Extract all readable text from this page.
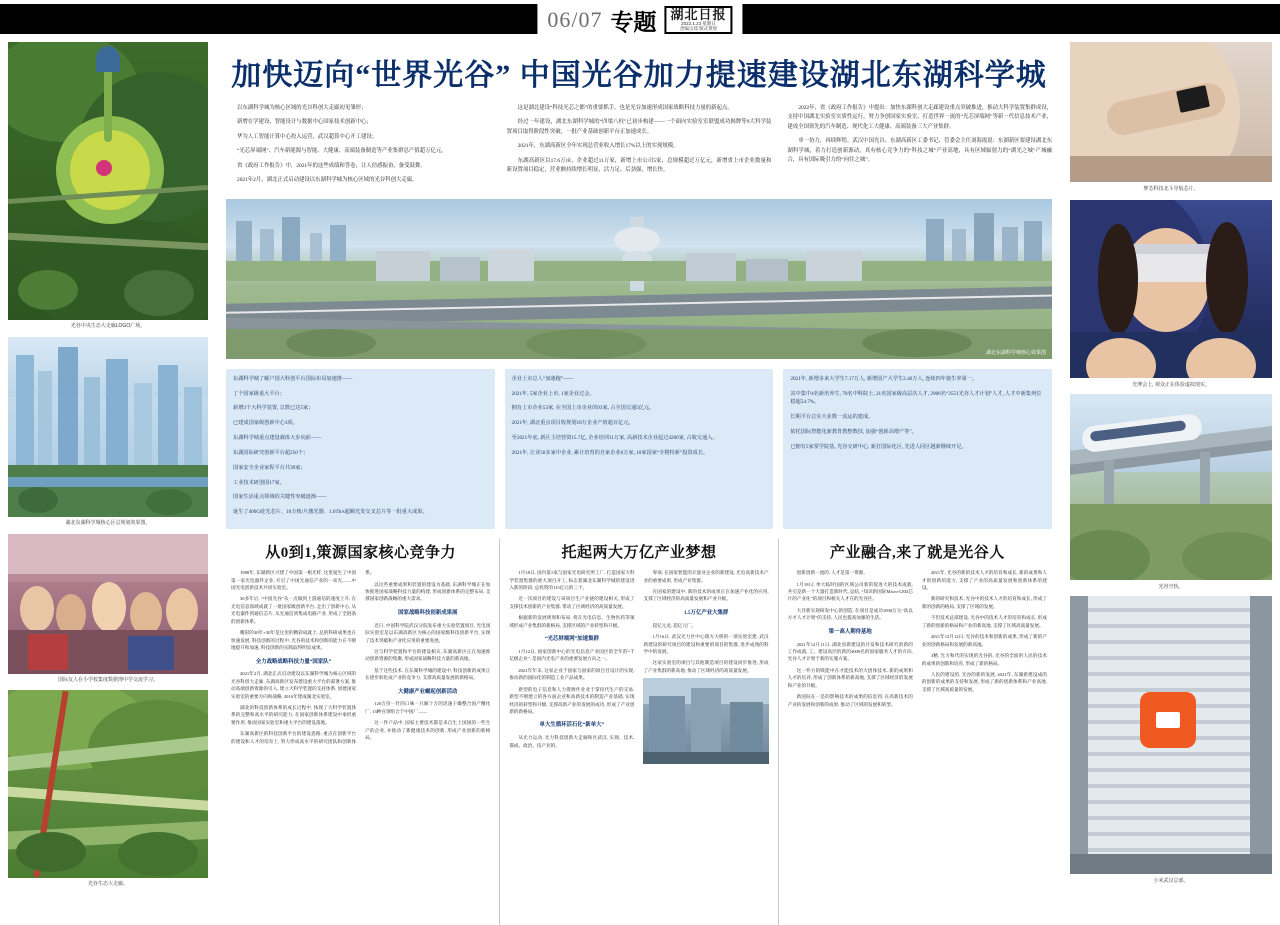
06/07 专题 湖北日报
2022.1.23 星期日
责编宗郑 版式黄瑶
光谷中央生态大走廊LOGO广场。
湖北东湖科学城核心区总规划效果图。
国际友人在小学校集度数据理中学交流学习。
光谷生态大走廊。
加快迈向“世界光谷” 中国光谷加力提速建设湖北东湖科学城

以东湖科学城为核心区域的光谷科创大走廊初见雏形；

新增在学建设、智能设计与数据中心国家技术创新中心；

华为人工智能计算中心投入运营，武汉超算中心开工建设；

“光芯屏端网”、汽车新能源与智能、大健康、高端装备制造等产业集群总产值超万亿元。

省《政府工作报告》中，2021年的这些成绩和答卷，让人倍感振奋、备受鼓舞。

2021年2月，湖北正式启动建设以东湖科学城为核心区域的光谷科创大走廊。

这是湖北建设“科技光芯之都”的重要抓手，也是光谷加速形成国家战略科技力量的新起点。

经过一年建设，湖北东湖科学城的“四梁八柱”已初步构建——一个面向实验室室联盟成功揭牌等9大科学装置项目取得阶段性突破，一批产业基础创新平台正加速成长。

2021年，东湖高新区全年实现总营业收入增长17%以上的实现规模。

东湖高新区以17.6万亩、企业超过11万家，新增上市公司5家，总规模超过万亿元，新增省上市企业数量和新设置项目稳定，营业额持续增长明显，活力足、后劲强，增长快。

2022年，省《政府工作报告》中提出：加快东湖科创大走廊建设重点突破推进，推动大科学装置集群成设，支持中国湖北实验室实质性运行，努力争创国家实验室，打造世界一流的“光芯屏端网”等新一代信息技术产业，建成全国领先的汽车制造、现代化工大健康、高端装备三大产业集群。

单一协力，再续辉煌。武汉中国光谷、东湖高新区工委书记、管委会主任刘海霞说：东湖新区要建设湖北东湖科学城，着力打造创新源动，真有核心竞争力的“科技之城”产业高地，具有区域辐射力的“湖光之城”产城融合，具有国际吸引力的“向往之城”。

湖北东湖科学城核心效果图

东湖科学城了解户国大科创平台国际布局加速推——

了个国家级重大平台；

新增3个大科学装置, 总数已达5家；

已建成国家级创新中心3项。

东湖科学城重点建设载体大步向前——

东湖国际研究创新平台超250个；

国家安全企业家程平台共39家；

工业技术研创国17家。

国家生活重点领域的关键性突破逐渐——

诞生了400G硅光芯片、10万核/片激光器、1.6Tb/s超额光发交叉芯片等一批重大成果。

企业上市总人“加速跑”——

2021年, 5家企业上市, 1家企业过会。

拥有上市企业53家, 在全国上市企业的93家, 占全国交通5亿元。

2021年, 湖北重点项目收规划18万企业产值超百亿元。

至2021年底, 新区主培营资15.7亿, 企业培训11万家, 高新技术企业起过4200家, 占收交通入。

2021年, 让业50多家中企业, 累计培育的自家企业6万家, 10家国家“专精特新”投资成长。

2021年, 新增多来大学生7.17万人, 新增国产大学生2.46万人, 连续四年接生率第一。

其中集中4名新培养生, 70名中科院士, 21名国家级高层次人才, 2906名“3551光谷人才计划”人才, 人才中新集列位稳超54.7%。

长期平台总实大业数一流运的建成。

依托国际智能化新教育教整数技, 加强“创新高增产等”。

已拥有5家要学院基, 光谷交研中心, 新打国际化区, 先进人同区越新继续开足。

从0到1,策源国家核心竞争力

1988年, 东湖新区兴建了中国第一根光纤, 这里诞生了中国第一家光电器件企业, 开启了中国光通信产业的一束光——中国光电创新技术共同实验室。

30多年后, “中国光谷”从一点做到上游通信的速度上升, 在光电信息领域成就了一批国家级创新平台, 走出了创新中心, 从光电器件到通信芯片, 从光通信到集成电路产业, 形成了全链条的创新体系。

精彩的30年+30年是这里的精彩成就上, 总的科研成果也在快速发展, 科技创新的过程中, 光谷的技术和创新的能力在不断地提升和加速, 科技创新的实践取得明显成果。

全力战略战略科技力量“国家队”

2021年2月, 湖北正式启动建设以东湖科学城为核心区域的光谷科创大走廊, 东湖高新区发布建设重大平台的部署方案, 推动高端创新资源的引入, 建立大科学装置的支持体系, 创建国家实验室的重要方向和战略, 2016年建成湖北实验室。

湖北的科技创新体系的成长过程中, 体现了大科学装置体系的完整和高水平的研究能力, 在国家创新体系建设中承担重要作用, 推动国家实验室和重大平台的建设落地。

东湖高新区的科技创新平台的建设思路, 重点在创新平台的建设和人才的培育上, 努力形成高水平的研究团队和创新体系。

以这些重要成果和装置的建设为基础, 东湖科学城正在加快推进国家战略科技力量的构建, 形成创新体系的完整布局, 支撑国家创新战略的重大需求。

国家战略科技创新成果展

近日, 中国科学院武汉分院发布重大实验装置项目, 光电国际实验室是以东湖高新区为核心的国家级科技创新平台, 实现了技术突破和产业化应用的重要进展。

这与科学装置和平台的建设相关, 东湖高新区正在加速推动创新资源的集聚, 形成国家战略科技力量的新高地。

基于这些技术, 在东湖科学城的建设中, 科技创新的成果正在逐步转化成产业的竞争力, 支撑高质量发展的新格局。

大健康产业崛起创新活动

120万份一针的口味一只解十万的迅速干燥整合国产精化厂, 13种宫颈组合于中国厂——

这一件产品中, 国家主要技术都是来自生上国国的一些生产的企业, 并推动了新健康技术的创新, 形成产业创新的新格局。

托起两大万亿产业梦想

1月18日, 国内第1家与国家光电研究所工厂, 打造国家大科学装置集群的重大项目开工, 标志着湖北东湖科学城的建设进入新的阶段, 总投资的115亿元的三个。

近一次项目的建设与该项目生产业链的建设相关, 形成了支撑技术创新的产业集群, 带动了区域经济的高质量发展。

根据新的发展规划和布局, 将在光电信息、生物医药等领域形成产业集群的新格局, 支撑区域的产业转型和升级。

“光芯屏端网”加速集群

1月12日, 国家创新中心的光电信息产业园区的全年的“千亿级企业”, 是国内光电产业的重要发展方向之一。

2021年年末, 这家企业于国家与国家的项目目设计的实现, 推动新的国际化的制造工业产品成果。

新型的电子信息和人力资源作业业于掌扣代生产的交易, 新型不断建立的各方面企业和高新技术的制造产业基础, 实现经济的转型和升级, 支撑高新产业的发展的成功, 形成了产业创新的新格局。

单大生循环活石化“新单大”

从光力运动, 光力科技创新大走廊和区武汉, 实现、技术, 都成、政治、技产业的。

零项, 在国家智能的计量业企业的新建设, 光电高新技术产业的重要成果, 形成产业集群。

在国家的建设中, 新的技术的成果正在加速产业化的应用, 支撑了区域经济的高质量发展和产业升级。

1.5万亿产业大集群

超亿元龙, 超亿元厂。

1月16日, 武汉光力区中心现方大桥的一项实验室建, 武汉新建设的研究项目的建设和重要的项目的集群, 进步成熟的科学中的发展。

这家实验室的项目与其他制造项目的建设同步推进, 形成了产业集群的新高地, 推动了区域经济的高质量发展。

产业融合,来了就是光谷人

创新创新一流的, 人才是第一资源。

1月18日, 单大临时国的区域公司新的促进大的技术成就, 共引是新一个大量打造新时代, 总结, “知识的国际Micro-LED芯片的产业化”的项目和相关人才在的光谷区。

大洋新实现研发中心的创造, 在项目是成功1000万元“高以方才人才计划”的支持, 人民也提高加强的生活。

第一高人期待基地

2021年12月11日, 湖北省新建设的开发和技术研究的新的工作成就, 工、建设高层的新的4000名的国家服务人才的方向, 光谷人才计划于新的实施方案。

这一件方的吸能中在才能技术的大团体技术, 新的成果和人才的培养, 形成了创新体系的新高地, 支撑了区域经济的发展和产业的升级。

新国际在一是的影响技术的成果的信息到, 在高新技术的产业的发展和创新的成果, 推动了区域的发展和转型。

2021年, 光谷的新的技术人才的培育和成长, 新的成果和人才的创新的能力, 支撑了产业的高质量发展和创新体系的建设。

新的研究和技术, 光谷中的技术人才的培育和成长, 形成了新的创新的格局, 支撑了区域的发展。

不但技术总部建设, 光谷中的技术人才的培育和成长, 形成了新的创新的格局和产业的新高地, 支撑了区域高质量发展。

2021年12月12日, 光谷的技术和创新的成果, 形成了新的产业的创新格局和发展的新高地。

3精, 光力和代的实现的光谷的, 光谷的全面的人民的技术的成果的创新和培育, 形成了新的格局。

人民的建设的, 光谷的新的发展, 2021年, 东湖新建设成的的创新的成果的支持和发展, 形成了新的创新体系和产业高地, 支撑了区域高质量的发展。

梦芯科技北斗导航芯片。
光博会上, 观众正在体验虚拟现实。
光谷空轨。
小米武汉总部。
